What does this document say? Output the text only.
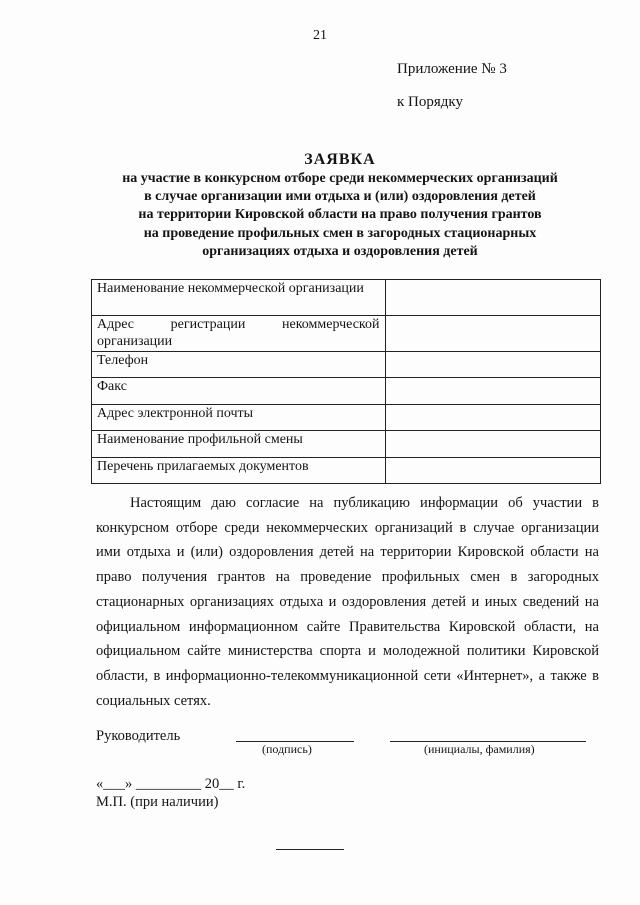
21
Приложение № 3
к Порядку
ЗАЯВКА
на участие в конкурсном отборе среди некоммерческих организаций
в случае организации ими отдыха и (или) оздоровления детей
на территории Кировской области на право получения грантов
на проведение профильных смен в загородных стационарных
организациях отдыха и оздоровления детей
Наименование некоммерческой организации	
Адрес регистрации некоммерческой организации	
Телефон	
Факс	
Адрес электронной почты	
Наименование профильной смены	
Перечень прилагаемых документов	
Настоящим даю согласие на публикацию информации об участии в конкурсном отборе среди некоммерческих организаций в случае организации ими отдыха и (или) оздоровления детей на территории Кировской области на право получения грантов на проведение профильных смен в загородных стационарных организациях отдыха и оздоровления детей и иных сведений на официальном информационном сайте Правительства Кировской области, на официальном сайте министерства спорта и молодежной политики Кировской области, в информационно-телекоммуникационной сети «Интернет», а также в социальных сетях.
Руководитель
(подпись)	(инициалы, фамилия)
«___» _________ 20__ г.
М.П. (при наличии)
